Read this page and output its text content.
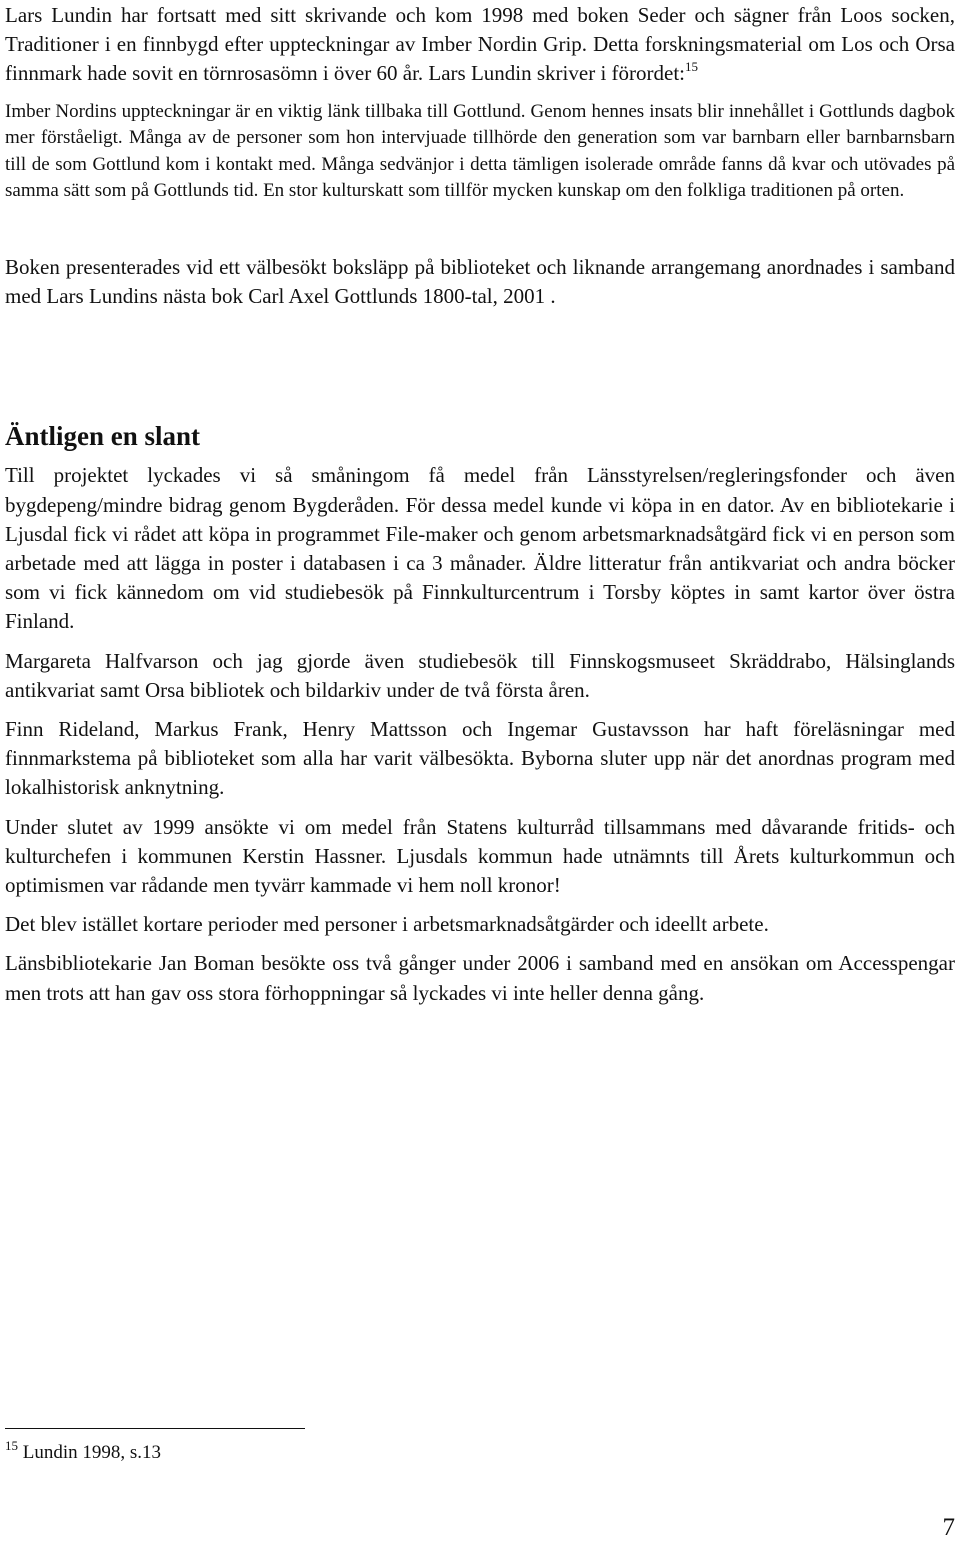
Lars Lundin har fortsatt med sitt skrivande och kom 1998 med boken Seder och sägner från Loos socken, Traditioner i en finnbygd efter uppteckningar av Imber Nordin Grip. Detta forskningsmaterial om Los och Orsa finnmark hade sovit en törnrosasömn i över 60 år. Lars Lundin skriver i förordet:$^{15}$

Imber Nordins uppteckningar är en viktig länk tillbaka till Gottlund. Genom hennes insats blir innehållet i Gottlunds dagbok mer förståeligt. Många av de personer som hon intervjuade tillhörde den generation som var barnbarn eller barnbarnsbarn till de som Gottlund kom i kontakt med. Många sedvänjor i detta tämligen isolerade område fanns då kvar och utövades på samma sätt som på Gottlunds tid. En stor kulturskatt som tillför mycken kunskap om den folkliga traditionen på orten.

Boken presenterades vid ett välbesökt boksläpp på biblioteket och liknande arrangemang anordnades i samband med Lars Lundins nästa bok Carl Axel Gottlunds 1800-tal, 2001 .

Äntligen en slant

Till projektet lyckades vi så småningom få medel från Länsstyrelsen/regleringsfonder och även bygdepeng/mindre bidrag genom Bygderåden. För dessa medel kunde vi köpa in en dator. Av en bibliotekarie i Ljusdal fick vi rådet att köpa in programmet File-maker och genom arbetsmarknadsåtgärd fick vi en person som arbetade med att lägga in poster i databasen i ca 3 månader. Äldre litteratur från antikvariat och andra böcker som vi fick kännedom om vid studiebesök på Finnkulturcentrum i Torsby köptes in samt kartor över östra Finland.

Margareta Halfvarson och jag gjorde även studiebesök till Finnskogsmuseet Skräddrabo, Hälsinglands antikvariat samt Orsa bibliotek och bildarkiv under de två första åren.

Finn Rideland, Markus Frank, Henry Mattsson och Ingemar Gustavsson har haft föreläsningar med finnmarkstema på biblioteket som alla har varit välbesökta. Byborna sluter upp när det anordnas program med lokalhistorisk anknytning.

Under slutet av 1999 ansökte vi om medel från Statens kulturråd tillsammans med dåvarande fritids- och kulturchefen i kommunen Kerstin Hassner. Ljusdals kommun hade utnämnts till Årets kulturkommun och optimismen var rådande men tyvärr kammade vi hem noll kronor!

Det blev istället kortare perioder med personer i arbetsmarknadsåtgärder och ideellt arbete.

Länsbibliotekarie Jan Boman besökte oss två gånger under 2006 i samband med en ansökan om Accesspengar men trots att han gav oss stora förhoppningar så lyckades vi inte heller denna gång.

$^{15}$ Lundin 1998, s.13
7
